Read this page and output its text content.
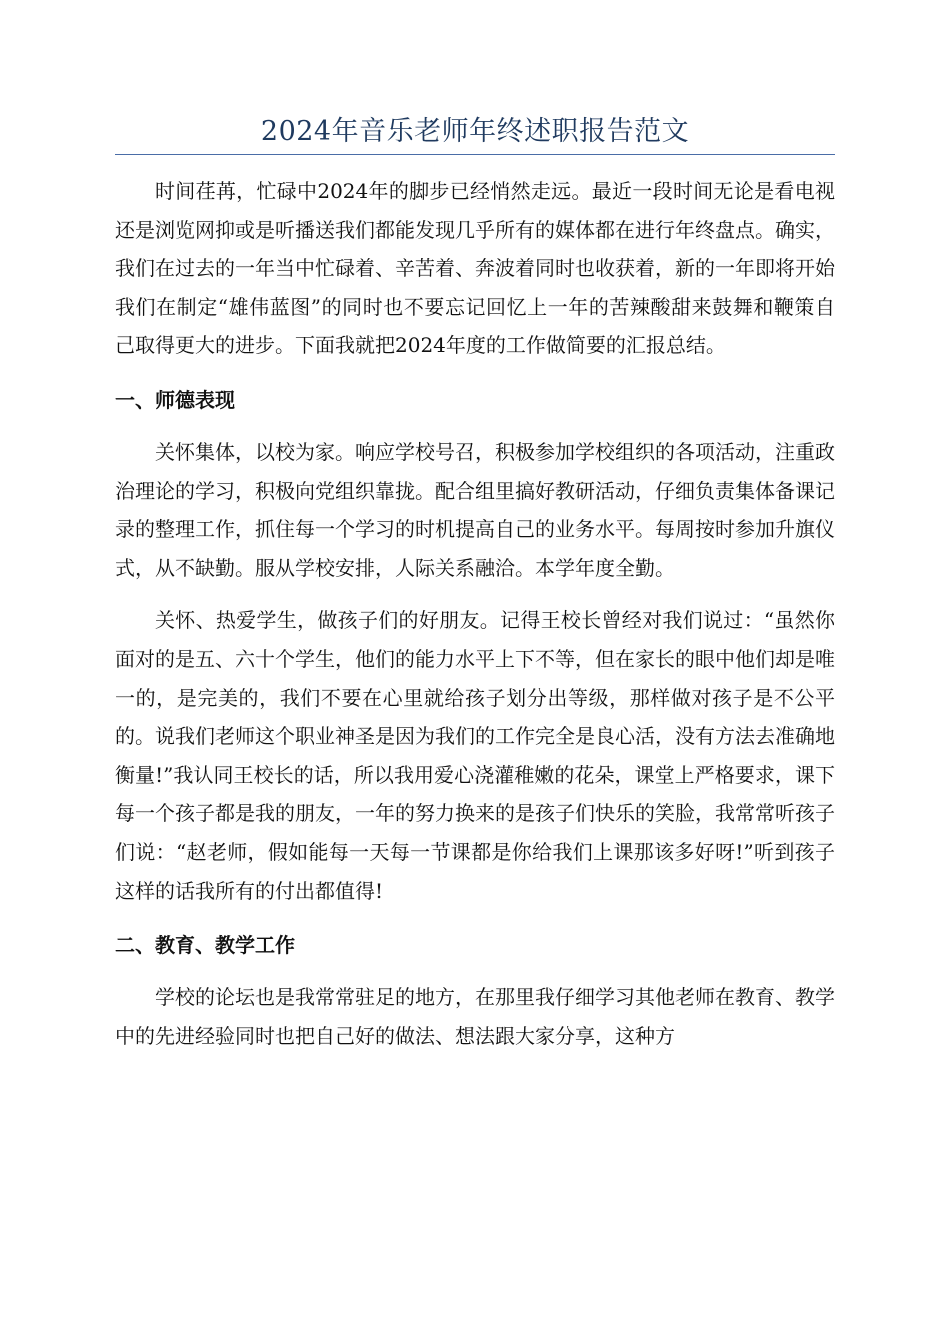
2024年音乐老师年终述职报告范文

时间荏苒，忙碌中2024年的脚步已经悄然走远。最近一段时间无论是看电视还是浏览网抑或是听播送我们都能发现几乎所有的媒体都在进行年终盘点。确实，我们在过去的一年当中忙碌着、辛苦着、奔波着同时也收获着，新的一年即将开始我们在制定“雄伟蓝图”的同时也不要忘记回忆上一年的苦辣酸甜来鼓舞和鞭策自己取得更大的进步。下面我就把2024年度的工作做简要的汇报总结。

一、师德表现

关怀集体，以校为家。响应学校号召，积极参加学校组织的各项活动，注重政治理论的学习，积极向党组织靠拢。配合组里搞好教研活动，仔细负责集体备课记录的整理工作，抓住每一个学习的时机提高自己的业务水平。每周按时参加升旗仪式，从不缺勤。服从学校安排，人际关系融洽。本学年度全勤。

关怀、热爱学生，做孩子们的好朋友。记得王校长曾经对我们说过：“虽然你面对的是五、六十个学生，他们的能力水平上下不等，但在家长的眼中他们却是唯一的，是完美的，我们不要在心里就给孩子划分出等级，那样做对孩子是不公平的。说我们老师这个职业神圣是因为我们的工作完全是良心活，没有方法去准确地衡量!”我认同王校长的话，所以我用爱心浇灌稚嫩的花朵，课堂上严格要求，课下每一个孩子都是我的朋友，一年的努力换来的是孩子们快乐的笑脸，我常常听孩子们说：“赵老师，假如能每一天每一节课都是你给我们上课那该多好呀!”听到孩子这样的话我所有的付出都值得!

二、教育、教学工作

学校的论坛也是我常常驻足的地方，在那里我仔细学习其他老师在教育、教学中的先进经验同时也把自己好的做法、想法跟大家分享，这种方
